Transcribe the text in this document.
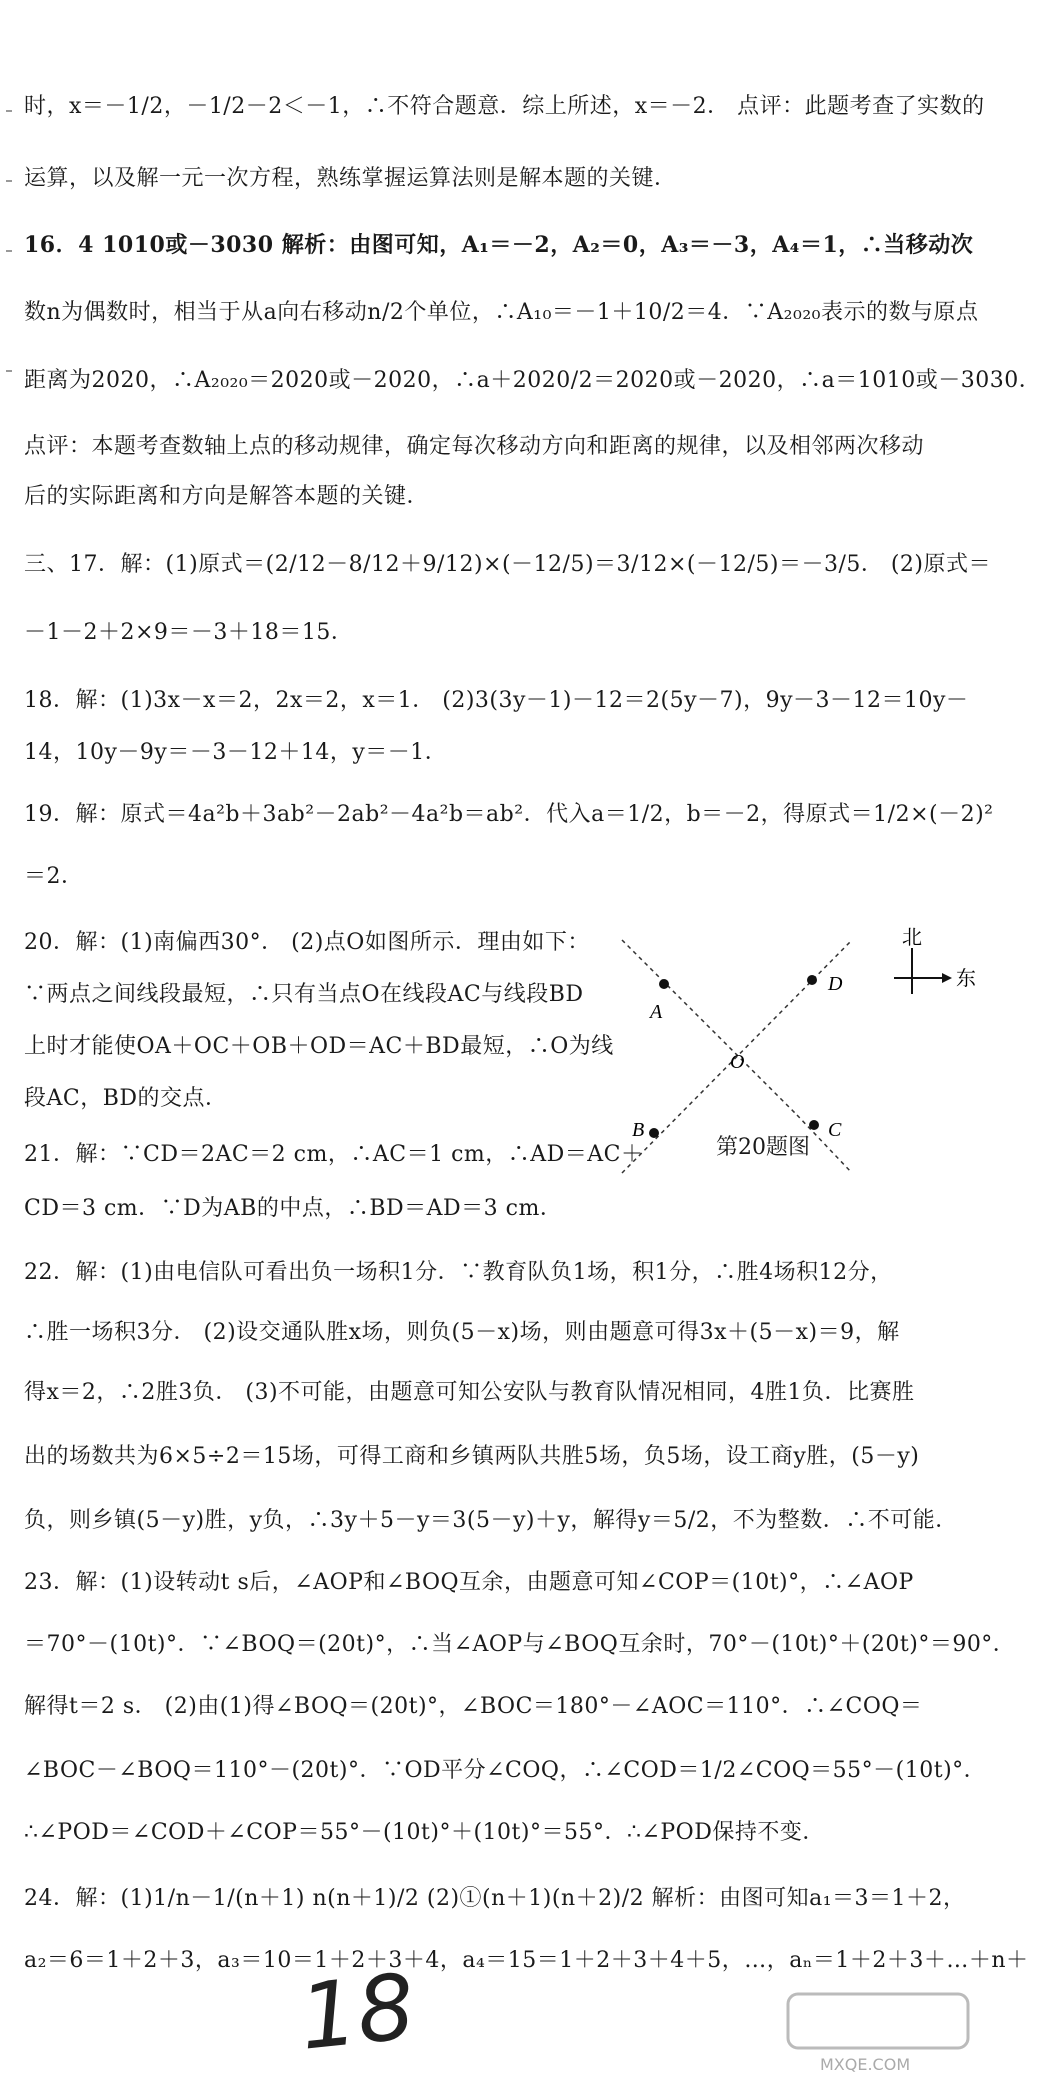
时，x＝－1/2，－1/2－2＜－1，∴不符合题意．综上所述，x＝－2． 点评：此题考查了实数的
运算，以及解一元一次方程，熟练掌握运算法则是解本题的关键．
16．4 1010或－3030 解析：由图可知，A₁＝－2，A₂＝0，A₃＝－3，A₄＝1，∴当移动次
数n为偶数时，相当于从a向右移动n/2个单位，∴A₁₀＝－1＋10/2＝4．∵A₂₀₂₀表示的数与原点
距离为2020，∴A₂₀₂₀＝2020或－2020，∴a＋2020/2＝2020或－2020，∴a＝1010或－3030．
点评：本题考查数轴上点的移动规律，确定每次移动方向和距离的规律，以及相邻两次移动
后的实际距离和方向是解答本题的关键．
三、17．解：(1)原式＝(2/12－8/12＋9/12)×(－12/5)＝3/12×(－12/5)＝－3/5． (2)原式＝
－1－2＋2×9＝－3＋18＝15．
18．解：(1)3x－x＝2，2x＝2，x＝1． (2)3(3y－1)－12＝2(5y－7)，9y－3－12＝10y－
14，10y－9y＝－3－12＋14，y＝－1．
19．解：原式＝4a²b＋3ab²－2ab²－4a²b＝ab²．代入a＝1/2，b＝－2，得原式＝1/2×(－2)²
＝2．
20．解：(1)南偏西30°． (2)点O如图所示．理由如下：
∵两点之间线段最短，∴只有当点O在线段AC与线段BD
上时才能使OA＋OC＋OB＋OD＝AC＋BD最短，∴O为线
段AC，BD的交点．
21．解：∵CD＝2AC＝2 cm，∴AC＝1 cm，∴AD＝AC＋
CD＝3 cm．∵D为AB的中点，∴BD＝AD＝3 cm．
22．解：(1)由电信队可看出负一场积1分．∵教育队负1场，积1分，∴胜4场积12分，
∴胜一场积3分． (2)设交通队胜x场，则负(5－x)场，则由题意可得3x＋(5－x)＝9，解
得x＝2，∴2胜3负． (3)不可能，由题意可知公安队与教育队情况相同，4胜1负．比赛胜
出的场数共为6×5÷2＝15场，可得工商和乡镇两队共胜5场，负5场，设工商y胜，(5－y)
负，则乡镇(5－y)胜，y负，∴3y＋5－y＝3(5－y)＋y，解得y＝5/2，不为整数．∴不可能．
23．解：(1)设转动t s后，∠AOP和∠BOQ互余，由题意可知∠COP＝(10t)°，∴∠AOP
＝70°－(10t)°．∵∠BOQ＝(20t)°，∴当∠AOP与∠BOQ互余时，70°－(10t)°＋(20t)°＝90°．
解得t＝2 s． (2)由(1)得∠BOQ＝(20t)°，∠BOC＝180°－∠AOC＝110°．∴∠COQ＝
∠BOC－∠BOQ＝110°－(20t)°．∵OD平分∠COQ，∴∠COD＝1/2∠COQ＝55°－(10t)°．
∴∠POD＝∠COD＋∠COP＝55°－(10t)°＋(10t)°＝55°．∴∠POD保持不变．
24．解：(1)1/n－1/(n＋1) n(n＋1)/2 (2)①(n＋1)(n＋2)/2 解析：由图可知a₁＝3＝1＋2，
a₂＝6＝1＋2＋3，a₃＝10＝1＋2＋3＋4，a₄＝15＝1＋2＋3＋4＋5，…，aₙ＝1＋2＋3＋…＋n＋
A
D
O
B	C
北
东
第20题图
18	MXQE.COM
